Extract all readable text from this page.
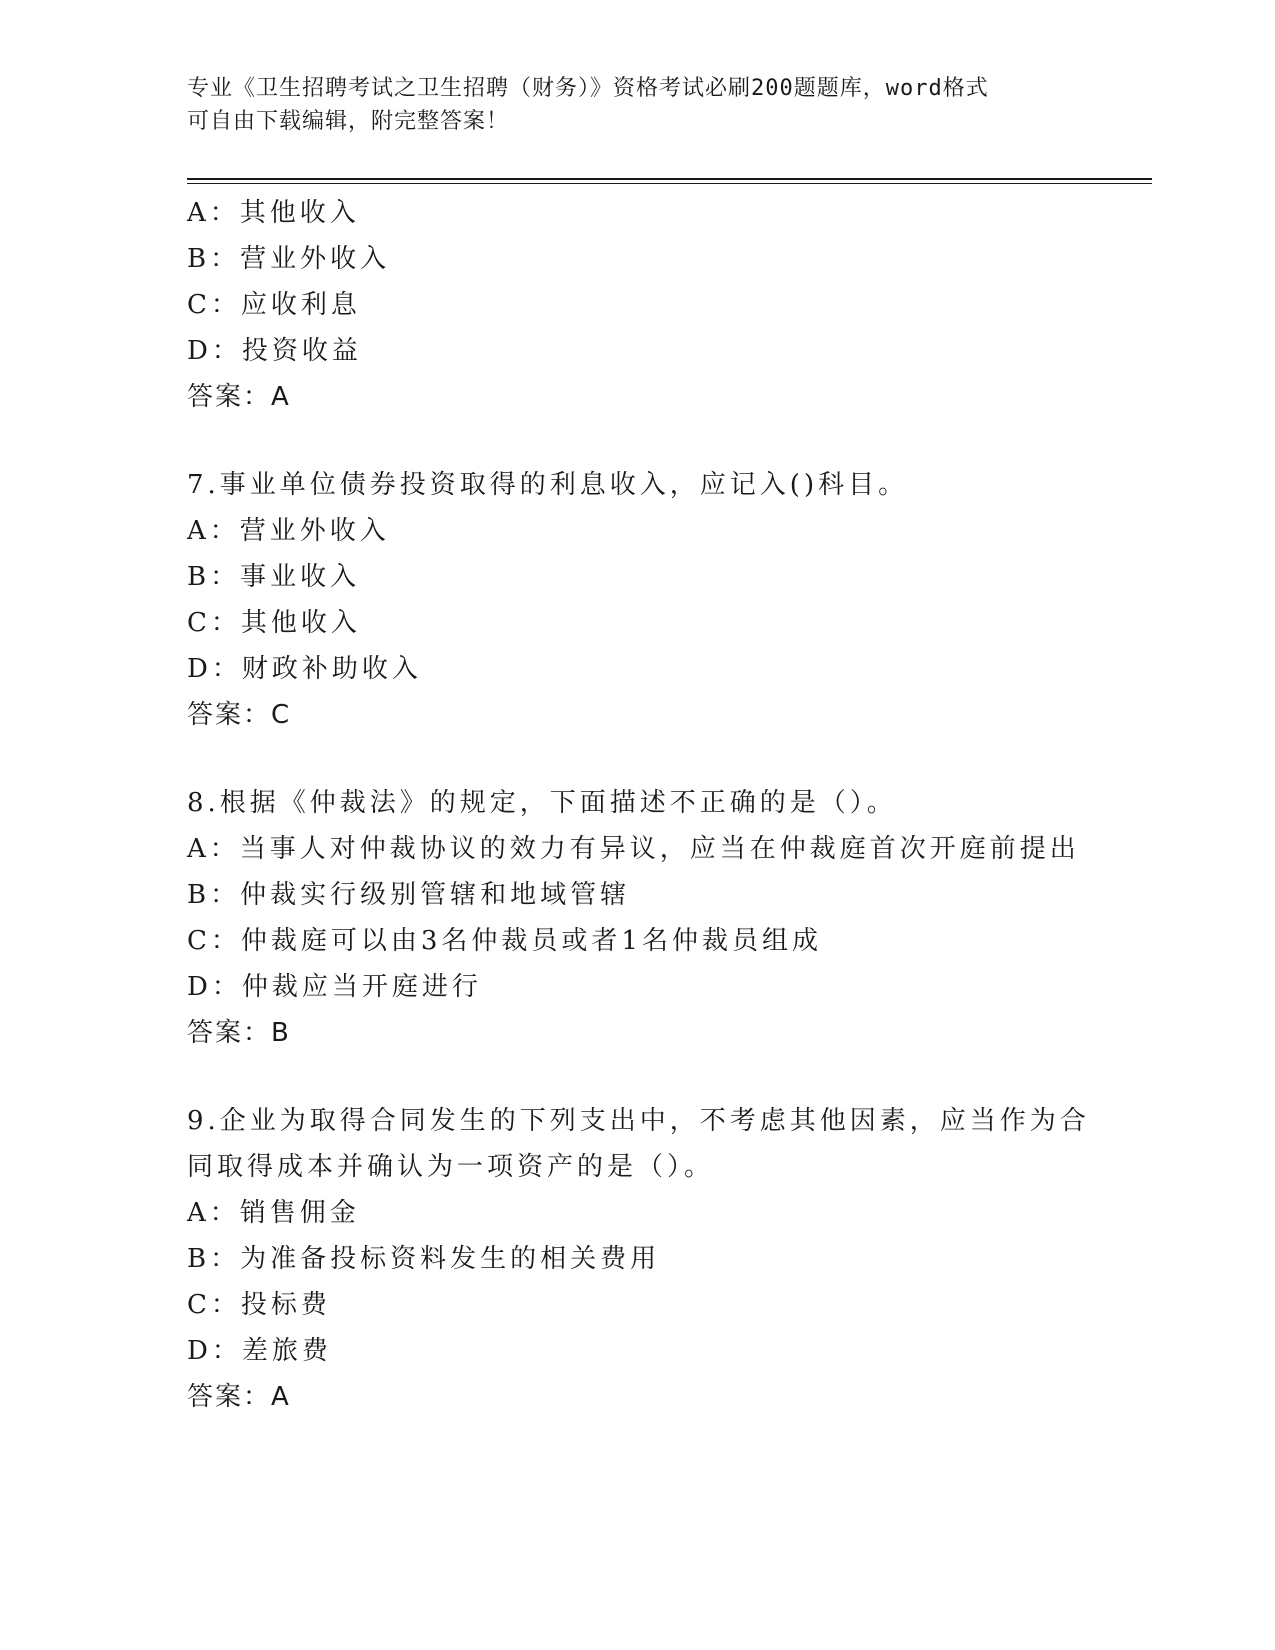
专业《卫生招聘考试之卫生招聘（财务）》资格考试必刷200题题库，word格式
可自由下载编辑，附完整答案！
A：其他收入
B：营业外收入
C：应收利息
D：投资收益
答案：A
7.事业单位债券投资取得的利息收入，应记入()科目。
A：营业外收入
B：事业收入
C：其他收入
D：财政补助收入
答案：C
8.根据《仲裁法》的规定，下面描述不正确的是（）。
A：当事人对仲裁协议的效力有异议，应当在仲裁庭首次开庭前提出
B：仲裁实行级别管辖和地域管辖
C：仲裁庭可以由3名仲裁员或者1名仲裁员组成
D：仲裁应当开庭进行
答案：B
9.企业为取得合同发生的下列支出中，不考虑其他因素，应当作为合
同取得成本并确认为一项资产的是（）。
A：销售佣金
B：为准备投标资料发生的相关费用
C：投标费
D：差旅费
答案：A
